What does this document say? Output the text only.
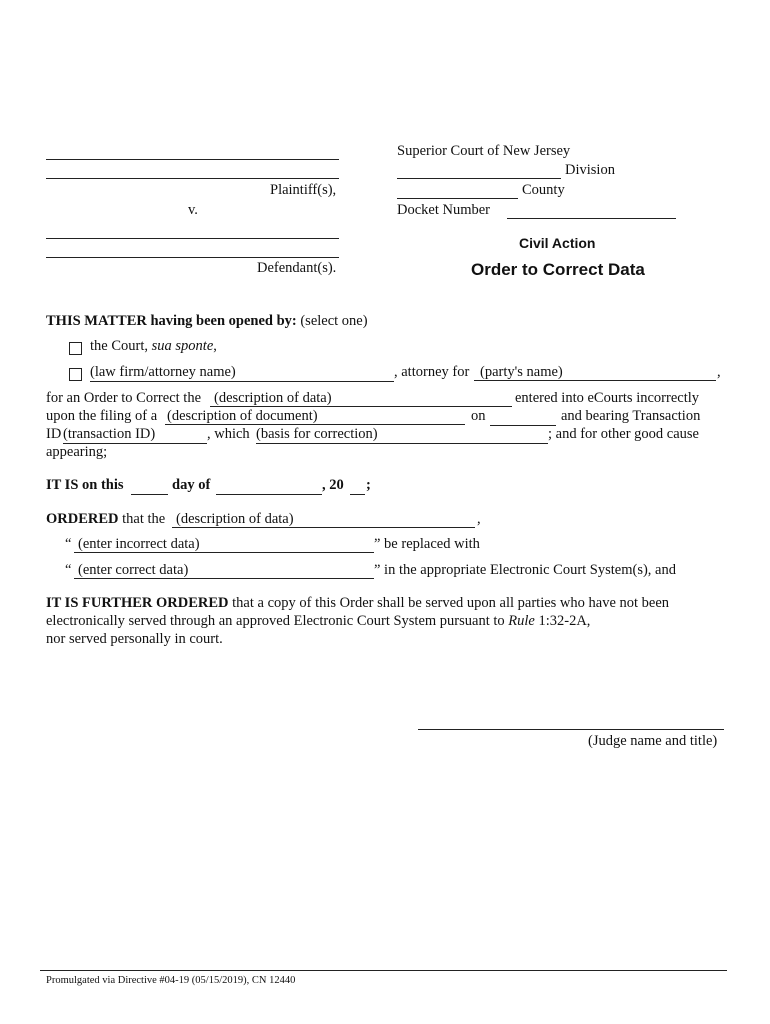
Plaintiff(s),
v.
Defendant(s).
Superior Court of New Jersey
Division
County
Docket Number
Civil Action
Order to Correct Data
THIS MATTER having been opened by: (select one)
the Court, sua sponte,
(law firm/attorney name)	, attorney for (party's name)	,
for an Order to Correct the (description of data)	entered into eCourts incorrectly
upon the filing of a (description of document)	on	and bearing Transaction
ID (transaction ID)	, which (basis for correction)	; and for other good cause
appearing;
IT IS on this	day of	, 20 ;
ORDERED that the (description of data)	,
“ (enter incorrect data)	” be replaced with
“ (enter correct data)	” in the appropriate Electronic Court System(s), and
IT IS FURTHER ORDERED that a copy of this Order shall be served upon all parties who have not been
electronically served through an approved Electronic Court System pursuant to Rule 1:32-2A,
nor served personally in court.
(Judge name and title)
Promulgated via Directive #04-19 (05/15/2019), CN 12440
